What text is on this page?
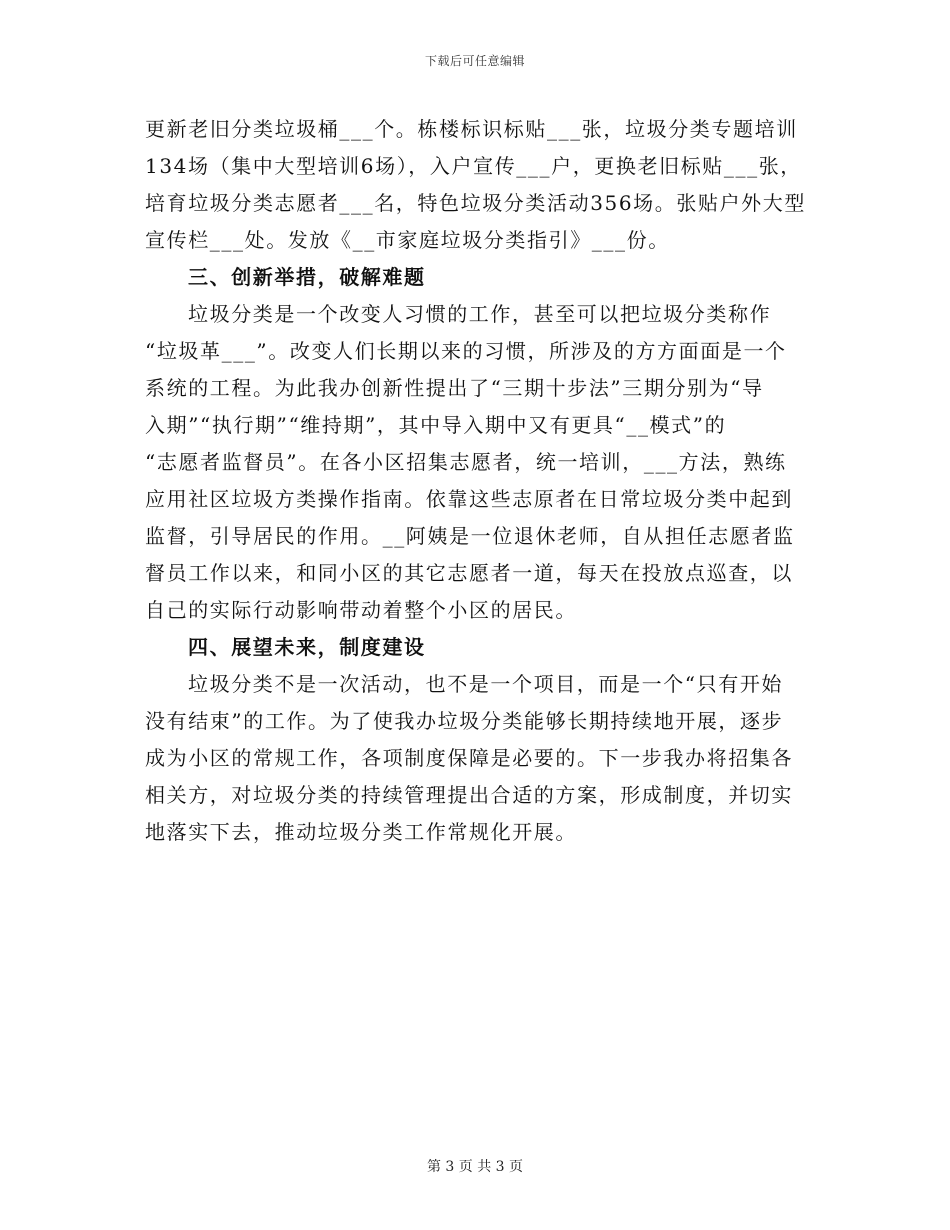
下载后可任意编辑
更新老旧分类垃圾桶___个。栋楼标识标贴___张，垃圾分类专题培训
134场（集中大型培训6场），入户宣传___户，更换老旧标贴___张，
培育垃圾分类志愿者___名，特色垃圾分类活动356场。张贴户外大型
宣传栏___处。发放《__市家庭垃圾分类指引》___份。
三、创新举措，破解难题
垃圾分类是一个改变人习惯的工作，甚至可以把垃圾分类称作
“垃圾革___”。改变人们长期以来的习惯，所涉及的方方面面是一个
系统的工程。为此我办创新性提出了“三期十步法”三期分别为“导
入期”“执行期”“维持期”，其中导入期中又有更具“__模式”的
“志愿者监督员”。在各小区招集志愿者，统一培训，___方法，熟练
应用社区垃圾方类操作指南。依靠这些志原者在日常垃圾分类中起到
监督，引导居民的作用。__阿姨是一位退休老师，自从担任志愿者监
督员工作以来，和同小区的其它志愿者一道，每天在投放点巡查，以
自己的实际行动影响带动着整个小区的居民。
四、展望未来，制度建设
垃圾分类不是一次活动，也不是一个项目，而是一个“只有开始
没有结束”的工作。为了使我办垃圾分类能够长期持续地开展，逐步
成为小区的常规工作，各项制度保障是必要的。下一步我办将招集各
相关方，对垃圾分类的持续管理提出合适的方案，形成制度，并切实
地落实下去，推动垃圾分类工作常规化开展。
第 3 页 共 3 页
